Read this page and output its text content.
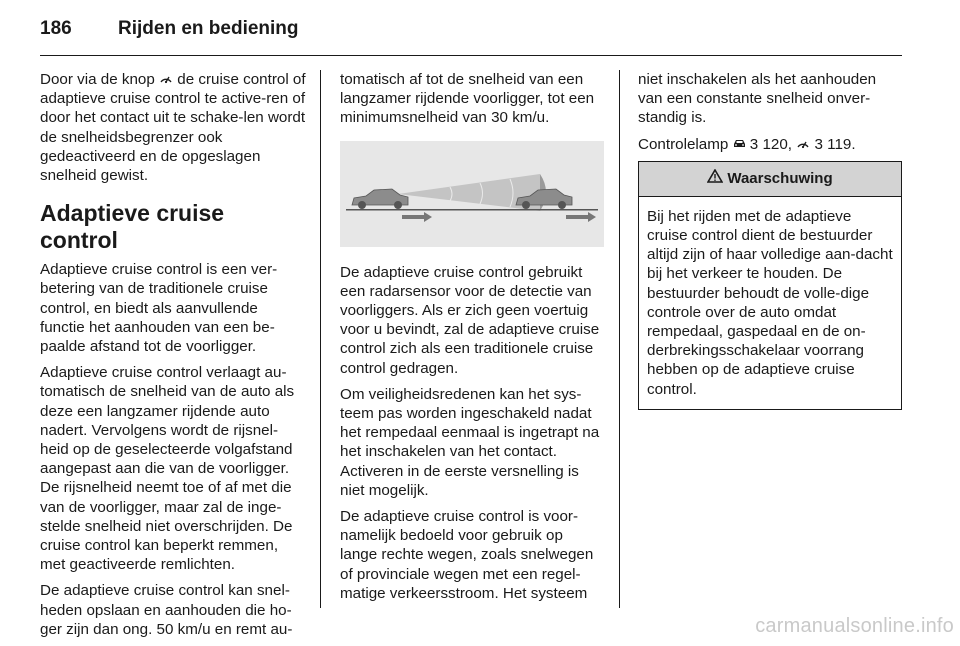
186 Rijden en bediening

Door via de knop  de cruise control of adaptieve cruise control te active-ren of door het contact uit te schake-len wordt de snelheidsbegrenzer ook gedeactiveerd en de opgeslagen snelheid gewist.

Adaptieve cruise control

Adaptieve cruise control is een ver-betering van de traditionele cruise control, en biedt als aanvullende functie het aanhouden van een be-paalde afstand tot de voorligger.

Adaptieve cruise control verlaagt au-tomatisch de snelheid van de auto als deze een langzamer rijdende auto nadert. Vervolgens wordt de rijsnel-heid op de geselecteerde volgafstand aangepast aan die van de voorligger. De rijsnelheid neemt toe of af met die van de voorligger, maar zal de inge-stelde snelheid niet overschrijden. De cruise control kan beperkt remmen, met geactiveerde remlichten.

De adaptieve cruise control kan snel-heden opslaan en aanhouden die ho-ger zijn dan ong. 50 km/u en remt au-

tomatisch af tot de snelheid van een langzamer rijdende voorligger, tot een minimumsnelheid van 30 km/u.

De adaptieve cruise control gebruikt een radarsensor voor de detectie van voorliggers. Als er zich geen voertuig voor u bevindt, zal de adaptieve cruise control zich als een traditionele cruise control gedragen.

Om veiligheidsredenen kan het sys-teem pas worden ingeschakeld nadat het rempedaal eenmaal is ingetrapt na het inschakelen van het contact. Activeren in de eerste versnelling is niet mogelijk.

De adaptieve cruise control is voor-namelijk bedoeld voor gebruik op lange rechte wegen, zoals snelwegen of provinciale wegen met een regel-matige verkeersstroom. Het systeem

niet inschakelen als het aanhouden van een constante snelheid onver-standig is.

Controlelamp  3 120,  3 119.

Waarschuwing
Bij het rijden met de adaptieve cruise control dient de bestuurder altijd zijn of haar volledige aan-dacht bij het verkeer te houden. De bestuurder behoudt de volle-dige controle over de auto omdat rempedaal, gaspedaal en de on-derbrekingsschakelaar voorrang hebben op de adaptieve cruise control.
carmanualsonline.info
